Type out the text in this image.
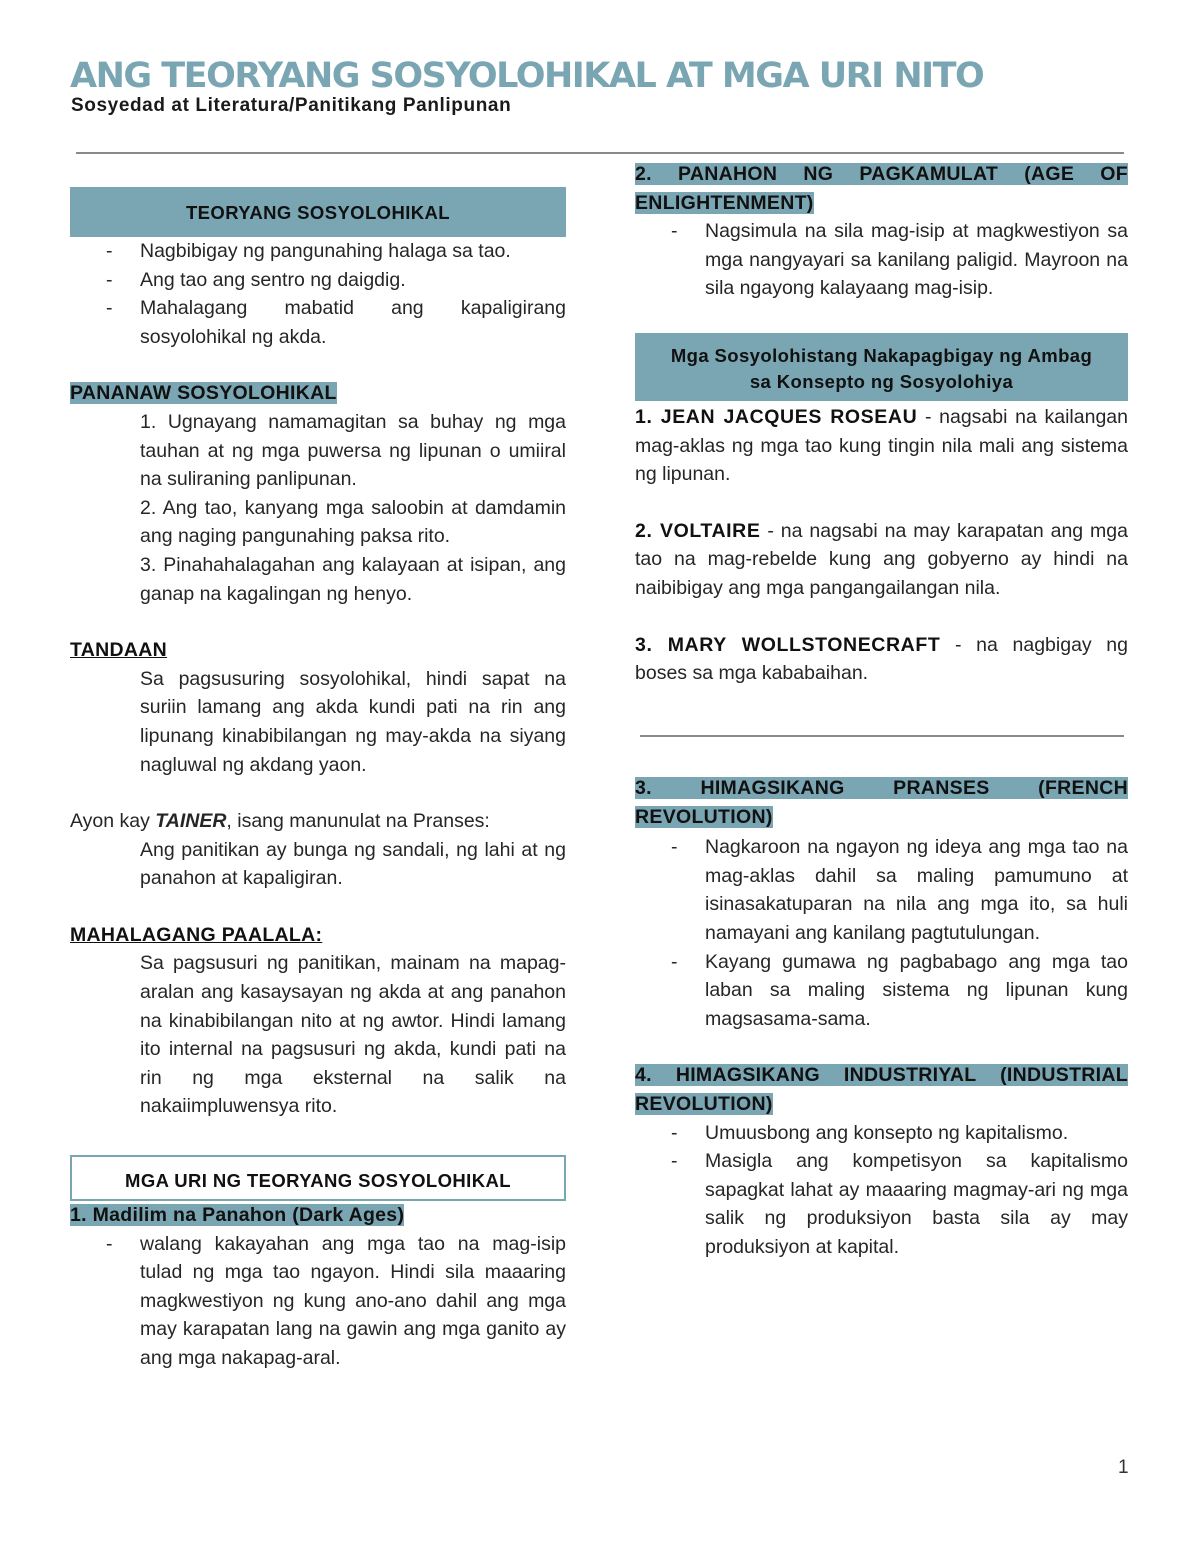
ANG TEORYANG SOSYOLOHIKAL AT MGA URI NITO
Sosyedad at Literatura/Panitikang Panlipunan
TEORYANG SOSYOLOHIKAL
-	Nagbibigay ng pangunahing halaga sa tao.
-	Ang tao ang sentro ng daigdig.
-	Mahalagang mabatid ang kapaligirang sosyolohikal ng akda.

PANANAW SOSYOLOHIKAL

1. Ugnayang namamagitan sa buhay ng mga tauhan at ng mga puwersa ng lipunan o umiiral na suliraning panlipunan.

2. Ang tao, kanyang mga saloobin at damdamin ang naging pangunahing paksa rito.

3. Pinahahalagahan ang kalayaan at isipan, ang ganap na kagalingan ng henyo.

TANDAAN

Sa pagsusuring sosyolohikal, hindi sapat na suriin lamang ang akda kundi pati na rin ang lipunang kinabibilangan ng may-akda na siyang nagluwal ng akdang yaon.

Ayon kay TAINER, isang manunulat na Pranses:

Ang panitikan ay bunga ng sandali, ng lahi at ng panahon at kapaligiran.

MAHALAGANG PAALALA:

Sa pagsusuri ng panitikan, mainam na mapag-aralan ang kasaysayan ng akda at ang panahon na kinabibilangan nito at ng awtor. Hindi lamang ito internal na pagsusuri ng akda, kundi pati na rin ng mga eksternal na salik na nakaiimpluwensya rito.

MGA URI NG TEORYANG SOSYOLOHIKAL

1. Madilim na Panahon (Dark Ages)

-	walang kakayahan ang mga tao na mag-isip tulad ng mga tao ngayon. Hindi sila maaaring magkwestiyon ng kung ano-ano dahil ang mga may karapatan lang na gawin ang mga ganito ay ang mga nakapag-aral.

2. PANAHON NG PAGKAMULAT (AGE OF

ENLIGHTENMENT)

-	Nagsimula na sila mag-isip at magkwestiyon sa mga nangyayari sa kanilang paligid. Mayroon na sila ngayong kalayaang mag-isip.
Mga Sosyolohistang Nakapagbigay ng Ambag
sa Konsepto ng Sosyolohiya

1. JEAN JACQUES ROSEAU - nagsabi na kailangan mag-aklas ng mga tao kung tingin nila mali ang sistema ng lipunan.

2. VOLTAIRE - na nagsabi na may karapatan ang mga tao na mag-rebelde kung ang gobyerno ay hindi na naibibigay ang mga pangangailangan nila.

3. MARY WOLLSTONECRAFT - na nagbigay ng boses sa mga kababaihan.

3. HIMAGSIKANG PRANSES (FRENCH

REVOLUTION)

-	Nagkaroon na ngayon ng ideya ang mga tao na mag-aklas dahil sa maling pamumuno at isinasakatuparan na nila ang mga ito, sa huli namayani ang kanilang pagtutulungan.
-	Kayang gumawa ng pagbabago ang mga tao laban sa maling sistema ng lipunan kung magsasama-sama.

4. HIMAGSIKANG INDUSTRIYAL (INDUSTRIAL

REVOLUTION)

-	Umuusbong ang konsepto ng kapitalismo.
-	Masigla ang kompetisyon sa kapitalismo sapagkat lahat ay maaaring magmay-ari ng mga salik ng produksiyon basta sila ay may produksiyon at kapital.
1
